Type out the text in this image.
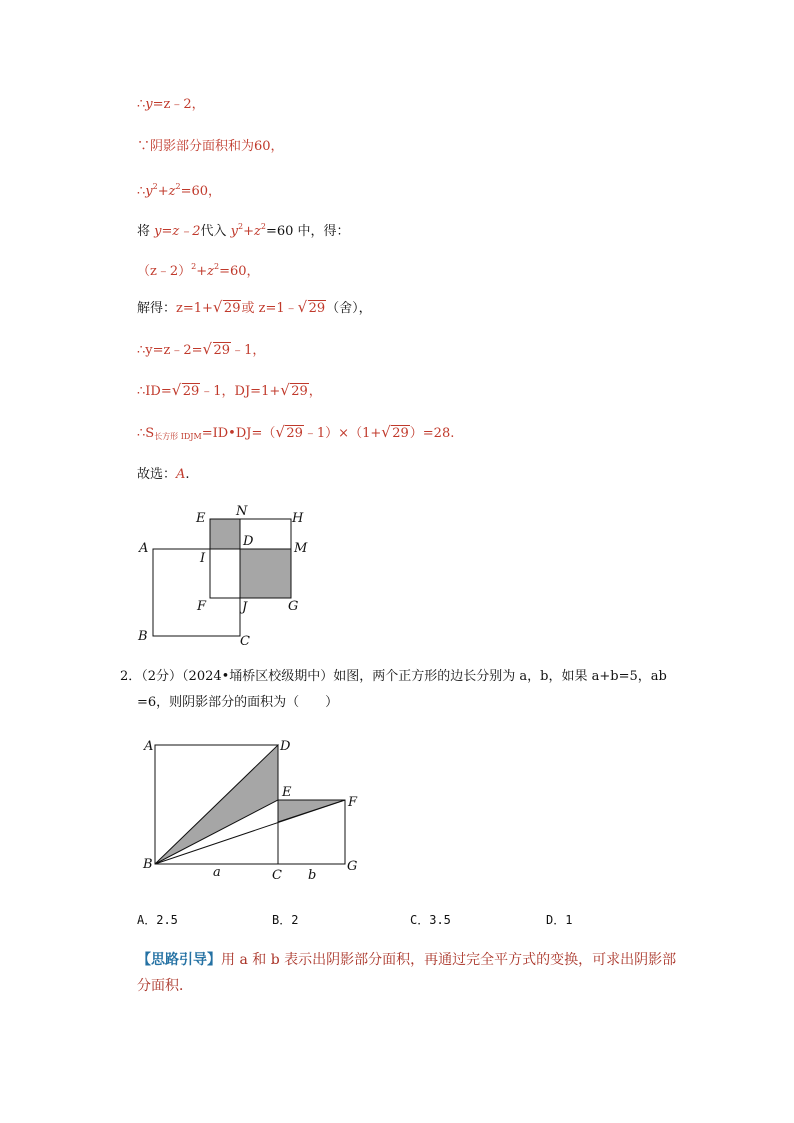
∴y=z﹣2，
∵阴影部分面积和为60，
$\therefore y^2+z^2=60$，
将 y=z﹣2代入 $y^2+z^2=60$ 中，得：
$(z﹣2)^2+z^2=60$，
解得：z=1+√ 29或 z=1﹣√ 29（舍），
∴y=z﹣2=√ 29﹣1，
∴ID=√ 29﹣1，DJ=1+√ 29，
$\therefore S_{长方形 IDJM}=ID•DJ=(√$ 29﹣1）×（1+√ 29）=28.
故选：A.
E N	H
A
I
D	M
F	J	G
B	C
2．（2分）（2024•埇桥区校级期中）如图，两个正方形的边长分别为 a，b，如果 a+b=5，ab
=6，则阴影部分的面积为（　　）
A	D
E
F
B
a	C b
G
A．2.5	B．2	C．3.5	D．1
【思路引导】用 a 和 b 表示出阴影部分面积，再通过完全平方式的变换，可求出阴影部
分面积．
